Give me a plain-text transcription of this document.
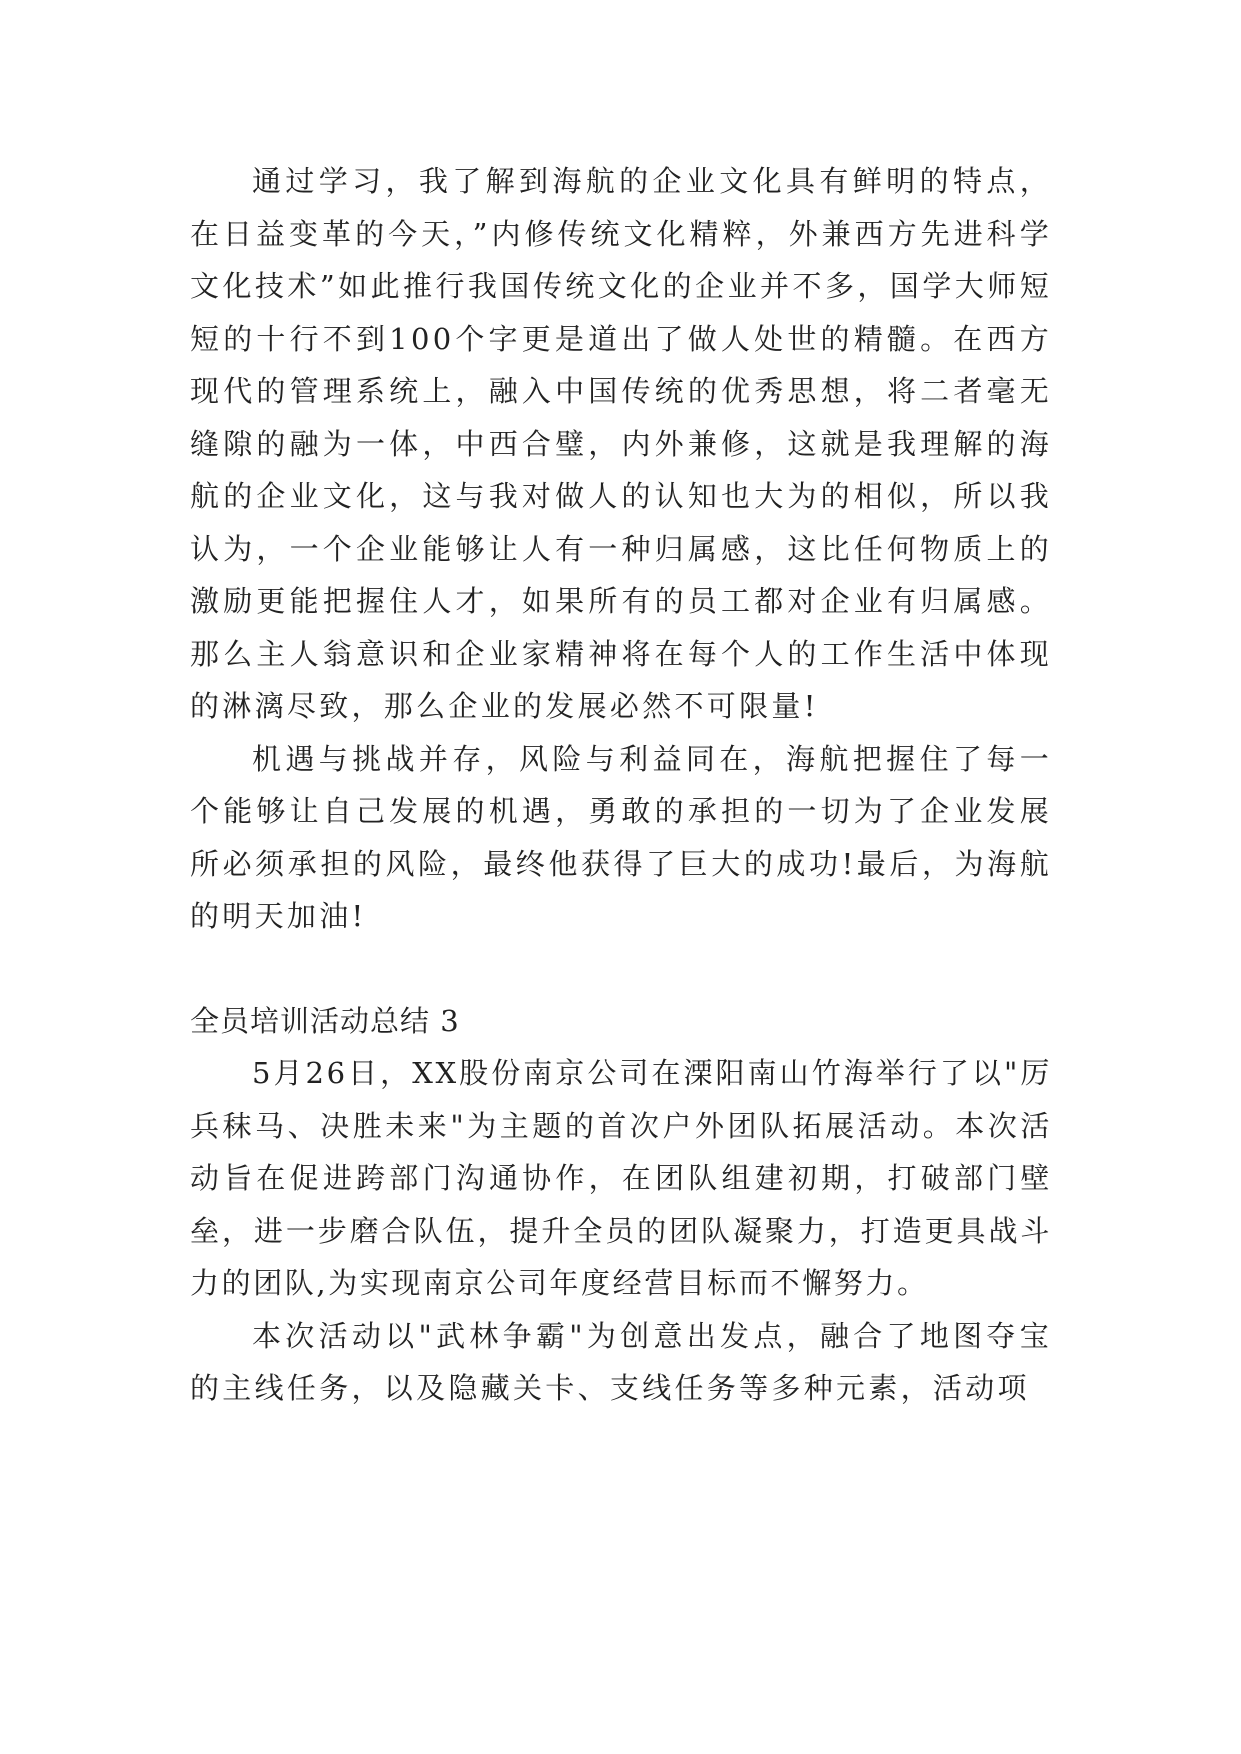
通过学习，我了解到海航的企业文化具有鲜明的特点，在日益变革的今天，”内修传统文化精粹，外兼西方先进科学文化技术”如此推行我国传统文化的企业并不多，国学大师短短的十行不到100个字更是道出了做人处世的精髓。在西方现代的管理系统上，融入中国传统的优秀思想，将二者毫无缝隙的融为一体，中西合璧，内外兼修，这就是我理解的海航的企业文化，这与我对做人的认知也大为的相似，所以我认为，一个企业能够让人有一种归属感，这比任何物质上的激励更能把握住人才，如果所有的员工都对企业有归属感。那么主人翁意识和企业家精神将在每个人的工作生活中体现的淋漓尽致，那么企业的发展必然不可限量!

机遇与挑战并存，风险与利益同在，海航把握住了每一个能够让自己发展的机遇，勇敢的承担的一切为了企业发展所必须承担的风险，最终他获得了巨大的成功!最后，为海航的明天加油!

全员培训活动总结 3

5月26日，XX股份南京公司在溧阳南山竹海举行了以"厉兵秣马、决胜未来"为主题的首次户外团队拓展活动。本次活动旨在促进跨部门沟通协作，在团队组建初期，打破部门壁垒，进一步磨合队伍，提升全员的团队凝聚力，打造更具战斗力的团队,为实现南京公司年度经营目标而不懈努力。

本次活动以"武林争霸"为创意出发点，融合了地图夺宝的主线任务，以及隐藏关卡、支线任务等多种元素，活动项
